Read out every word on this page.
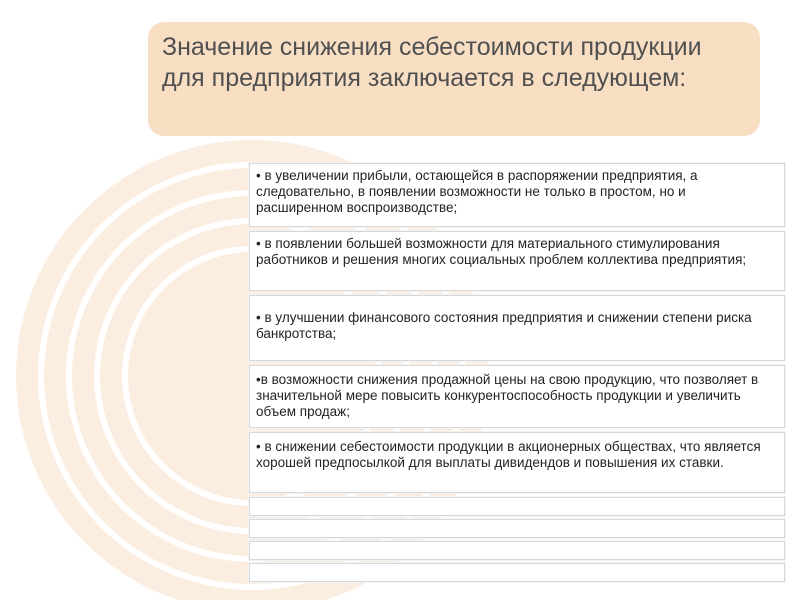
Значение снижения себестоимости продукции для предприятия заключается в следующем:
• в увеличении прибыли, остающейся в распоряжении предприятия, а следовательно, в появлении возможности не только в простом, но и расширенном воспроизводстве;
• в появлении большей возможности для материального стимулирования работников и решения многих социальных проблем коллектива предприятия;
• в улучшении финансового состояния предприятия и снижении степени риска банкротства;
•в возможности снижения продажной цены на свою продукцию, что позволяет в значительной мере повысить конкурентоспособность продукции и увеличить объем продаж;
• в снижении себестоимости продукции в акционерных обществах, что является хорошей предпосылкой для выплаты дивидендов и повышения их ставки.
